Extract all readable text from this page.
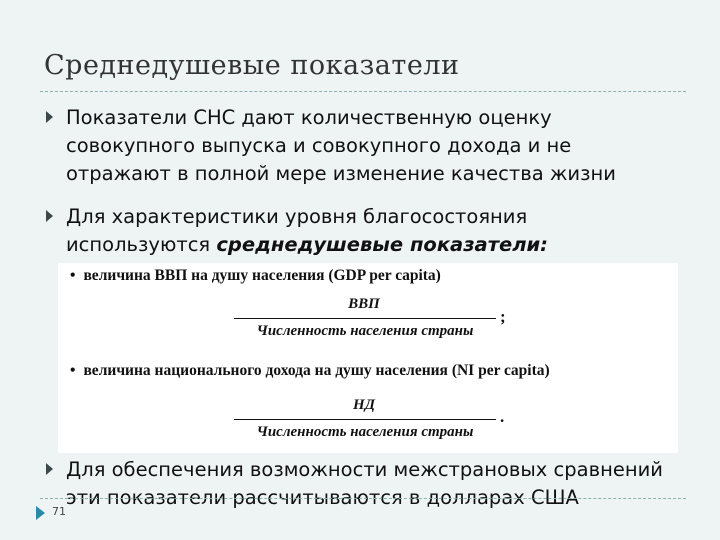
Среднедушевые показатели
Показатели СНС дают количественную оценку
совокупного выпуска и совокупного дохода и не
отражают в полной мере изменение качества жизни
Для характеристики уровня благосостояния
используются среднедушевые показатели:
• величина ВВП на душу населения (GDP per capita)
ВВП
Численность населения страны
;
• величина национального дохода на душу населения (NI per capita)
НД
Численность населения страны
.
Для обеспечения возможности межстрановых сравнений
эти показатели рассчитываются в долларах США
71
